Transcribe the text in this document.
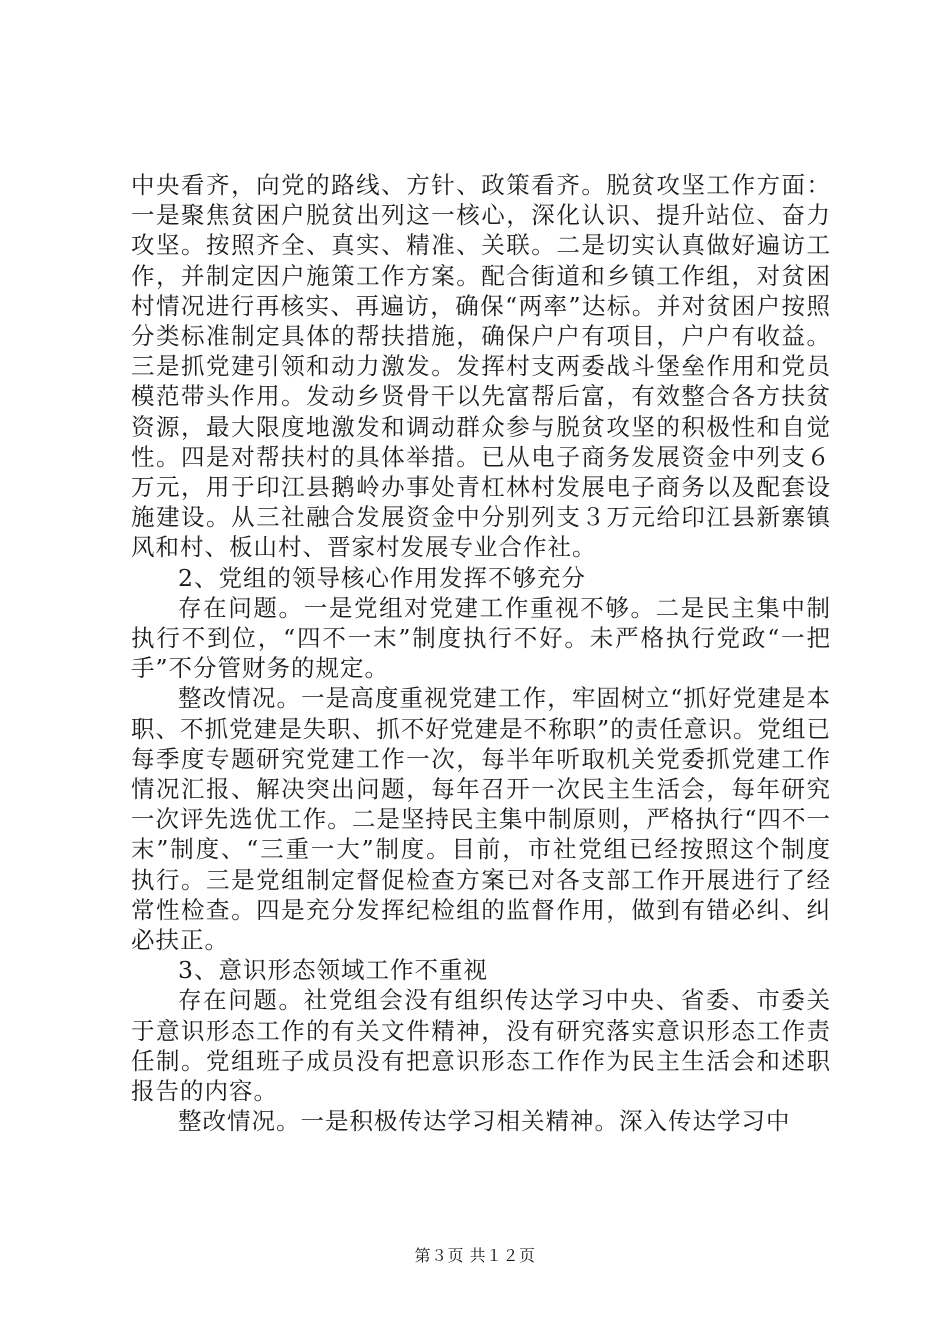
中央看齐，向党的路线、方针、政策看齐。脱贫攻坚工作方面：一是聚焦贫困户脱贫出列这一核心，深化认识、提升站位、奋力攻坚。按照齐全、真实、精准、关联。二是切实认真做好遍访工作，并制定因户施策工作方案。配合街道和乡镇工作组，对贫困村情况进行再核实、再遍访，确保“两率”达标。并对贫困户按照分类标准制定具体的帮扶措施，确保户户有项目，户户有收益。三是抓党建引领和动力激发。发挥村支两委战斗堡垒作用和党员模范带头作用。发动乡贤骨干以先富帮后富，有效整合各方扶贫资源，最大限度地激发和调动群众参与脱贫攻坚的积极性和自觉性。四是对帮扶村的具体举措。已从电子商务发展资金中列支６万元，用于印江县鹅岭办事处青杠林村发展电子商务以及配套设施建设。从三社融合发展资金中分别列支３万元给印江县新寨镇风和村、板山村、晋家村发展专业合作社。

2、党组的领导核心作用发挥不够充分

存在问题。一是党组对党建工作重视不够。二是民主集中制执行不到位，“四不一末”制度执行不好。未严格执行党政“一把手”不分管财务的规定。

整改情况。一是高度重视党建工作，牢固树立“抓好党建是本职、不抓党建是失职、抓不好党建是不称职”的责任意识。党组已每季度专题研究党建工作一次，每半年听取机关党委抓党建工作情况汇报、解决突出问题，每年召开一次民主生活会，每年研究一次评先选优工作。二是坚持民主集中制原则，严格执行“四不一末”制度、“三重一大”制度。目前，市社党组已经按照这个制度执行。三是党组制定督促检查方案已对各支部工作开展进行了经常性检查。四是充分发挥纪检组的监督作用，做到有错必纠、纠必扶正。

3、意识形态领域工作不重视

存在问题。社党组会没有组织传达学习中央、省委、市委关于意识形态工作的有关文件精神，没有研究落实意识形态工作责任制。党组班子成员没有把意识形态工作作为民主生活会和述职报告的内容。

整改情况。一是积极传达学习相关精神。深入传达学习中

第３页 共１２页
